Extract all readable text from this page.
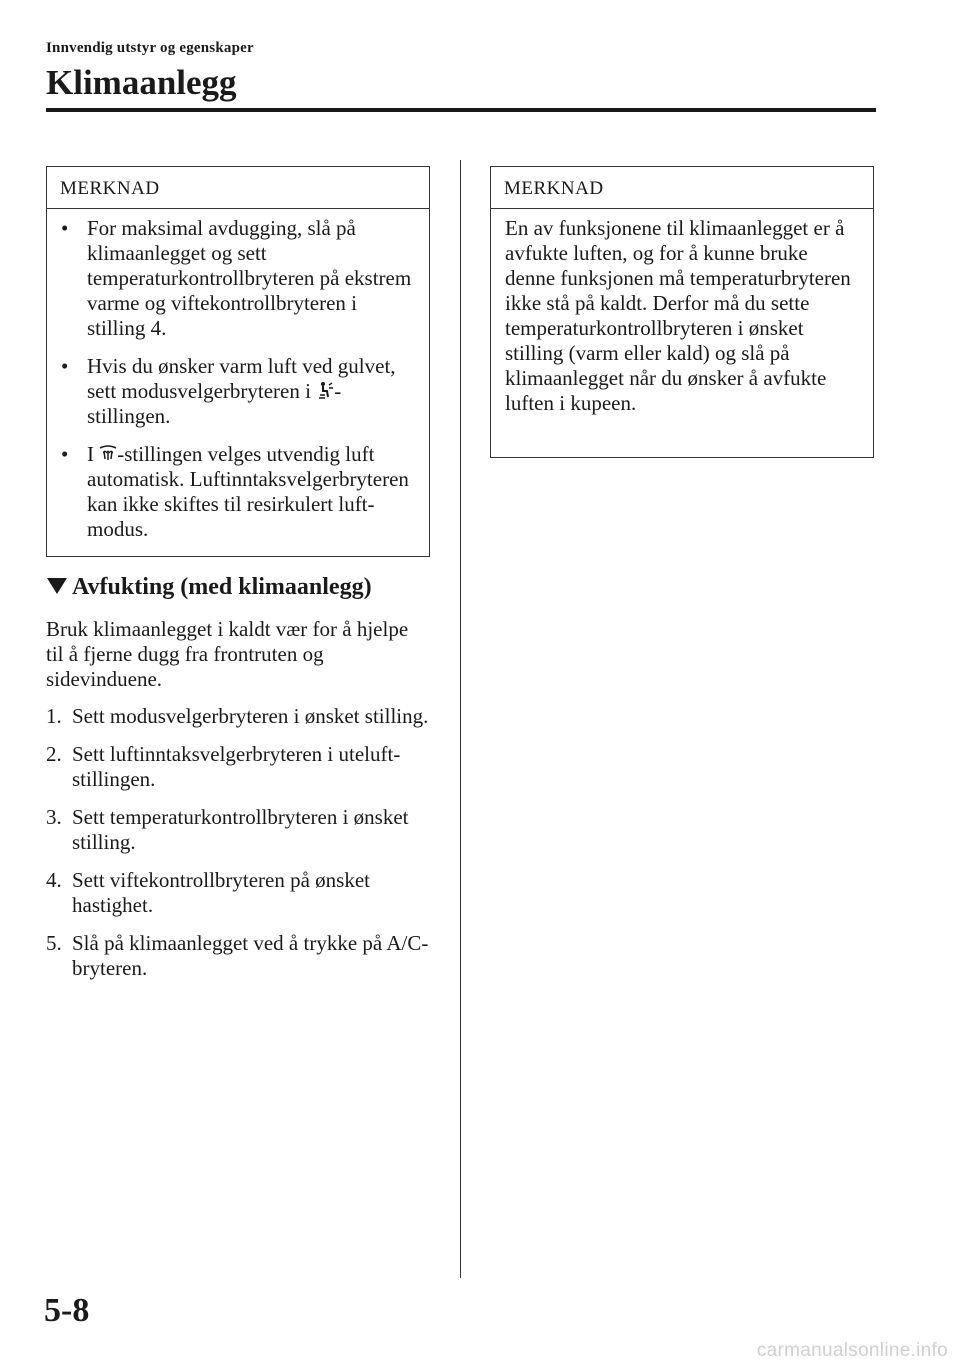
Innvendig utstyr og egenskaper
Klimaanlegg
MERKNAD
• For maksimal avdugging, slå på klimaanlegget og sett temperaturkontrollbryteren på ekstrem varme og viftekontrollbryteren i stilling 4.
• Hvis du ønsker varm luft ved gulvet, sett modusvelgerbryteren i
-stillingen.
• I
-stillingen velges utvendig luft automatisk. Luftinntaksvelgerbryteren kan ikke skiftes til resirkulert luft-modus.
Avfukting (med klimaanlegg)

Bruk klimaanlegget i kaldt vær for å hjelpe til å fjerne dugg fra frontruten og sidevinduene.

1. Sett modusvelgerbryteren i ønsket stilling.
2. Sett luftinntaksvelgerbryteren i uteluft-stillingen.
3. Sett temperaturkontrollbryteren i ønsket stilling.
4. Sett viftekontrollbryteren på ønsket hastighet.
5. Slå på klimaanlegget ved å trykke på A/C-bryteren.
MERKNAD

En av funksjonene til klimaanlegget er å avfukte luften, og for å kunne bruke denne funksjonen må temperaturbryteren ikke stå på kaldt. Derfor må du sette temperaturkontrollbryteren i ønsket stilling (varm eller kald) og slå på klimaanlegget når du ønsker å avfukte luften i kupeen.

5-8
carmanualsonline.info
